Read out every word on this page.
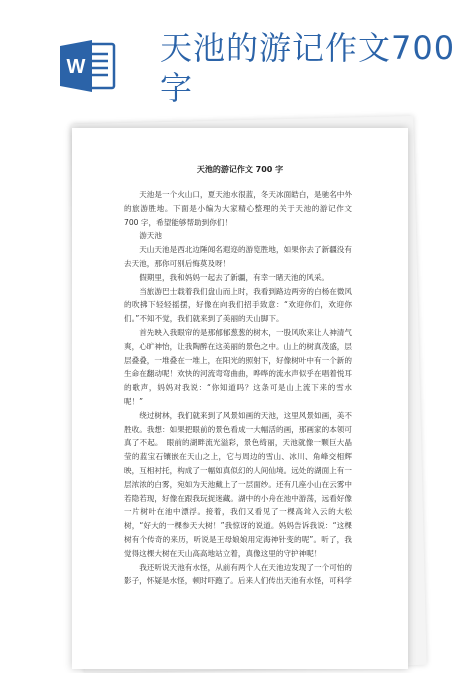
W 天池的游记作文700字
天池的游记作文 700 字

天池是一个火山口，夏天池水很蓝，冬天冰面皓白，是驰名中外的旅游胜地。下面是小编为大家精心整理的关于天池的游记作文 700 字，希望能够帮助到你们！

游天池

天山天池是西北边陲闻名遐迩的游览胜地，如果你去了新疆没有去天池，那你可别后悔莫及呀！

假期里，我和妈妈一起去了新疆，有幸一睹天池的风采。

当旅游巴士载着我们盘山而上时，我看到路边两旁的白杨在微风的吹拂下轻轻摇摆，好像在向我们招手致意：“欢迎你们，欢迎你们。”不知不觉，我们就来到了美丽的天山脚下。

首先映入我眼帘的是那郁郁葱葱的树木，一股风吹来让人神清气爽，心旷神怡，让我陶醉在这美丽的景色之中。山上的树真茂盛，层层叠叠，一堆叠在一堆上，在阳光的照射下，好像树叶中有一个新的生命在翻动呢！欢快的河流弯弯曲曲，哗哗的流水声似乎在唱着悦耳的歌声，妈妈对我说：“你知道吗？这条可是山上流下来的雪水呢！”

绕过树林，我们就来到了风景如画的天池，这里风景如画，美不胜收。我想：如果把眼前的景色看成一大幅活的画，那画家的本领可真了不起。　眼前的湖畔流光溢彩，景色绮丽，天池就像一颗巨大晶莹的蓝宝石镶嵌在天山之上，它与周边的雪山、冰川、角峰交相辉映，互相衬托，构成了一幅如真似幻的人间仙境。远处的湖面上有一层浓浓的白雾，宛如为天池戴上了一层面纱。还有几座小山在云雾中若隐若现，好像在跟我玩捉迷藏。湖中的小舟在池中游荡，远看好像一片树叶在池中漂浮。接着，我们又看见了一棵高耸入云的大松树，“好大的一棵参天大树！”我惊讶的说道。妈妈告诉我说：“这棵树有个传奇的来历，听说是王母娘娘用定海神针变的呢”。听了，我觉得这棵大树在天山高高地站立着，真像这里的守护神呢！

我还听说天池有水怪，从前有两个人在天池边发现了一个可怕的影子，怀疑是水怪，顿时吓跑了。后来人们传出天池有水怪，可科学
